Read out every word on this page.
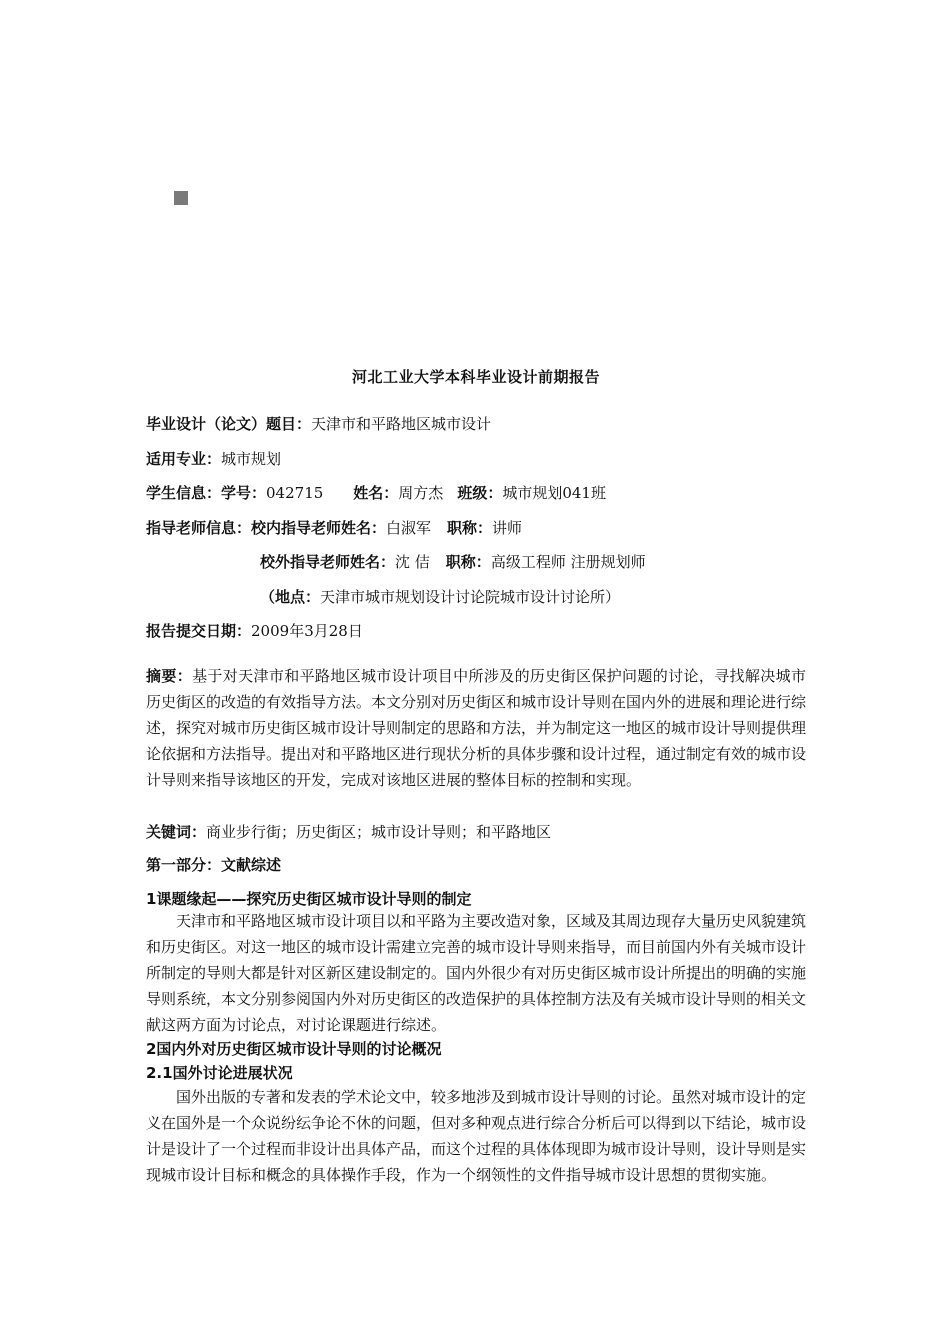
河北工业大学本科毕业设计前期报告
毕业设计（论文）题目：天津市和平路地区城市设计
适用专业：城市规划
学生信息：学号：042715 姓名：周方杰 班级：城市规划041班
指导老师信息：校内指导老师姓名：白淑军 职称：讲师
校外指导老师姓名：沈 佶 职称：高级工程师 注册规划师
（地点：天津市城市规划设计讨论院城市设计讨论所）
报告提交日期：2009年3月28日
摘要：基于对天津市和平路地区城市设计项目中所涉及的历史街区保护问题的讨论，寻找解决城市历史街区的改造的有效指导方法。本文分别对历史街区和城市设计导则在国内外的进展和理论进行综述，探究对城市历史街区城市设计导则制定的思路和方法，并为制定这一地区的城市设计导则提供理论依据和方法指导。提出对和平路地区进行现状分析的具体步骤和设计过程，通过制定有效的城市设计导则来指导该地区的开发，完成对该地区进展的整体目标的控制和实现。
关键词：商业步行街；历史街区；城市设计导则；和平路地区
第一部分：文献综述
1课题缘起——探究历史街区城市设计导则的制定
天津市和平路地区城市设计项目以和平路为主要改造对象，区域及其周边现存大量历史风貌建筑和历史街区。对这一地区的城市设计需建立完善的城市设计导则来指导，而目前国内外有关城市设计所制定的导则大都是针对区新区建设制定的。国内外很少有对历史街区城市设计所提出的明确的实施导则系统，本文分别参阅国内外对历史街区的改造保护的具体控制方法及有关城市设计导则的相关文献这两方面为讨论点，对讨论课题进行综述。
2国内外对历史街区城市设计导则的讨论概况
2.1国外讨论进展状况
国外出版的专著和发表的学术论文中，较多地涉及到城市设计导则的讨论。虽然对城市设计的定义在国外是一个众说纷纭争论不休的问题，但对多种观点进行综合分析后可以得到以下结论，城市设计是设计了一个过程而非设计出具体产品，而这个过程的具体体现即为城市设计导则，设计导则是实现城市设计目标和概念的具体操作手段，作为一个纲领性的文件指导城市设计思想的贯彻实施。
